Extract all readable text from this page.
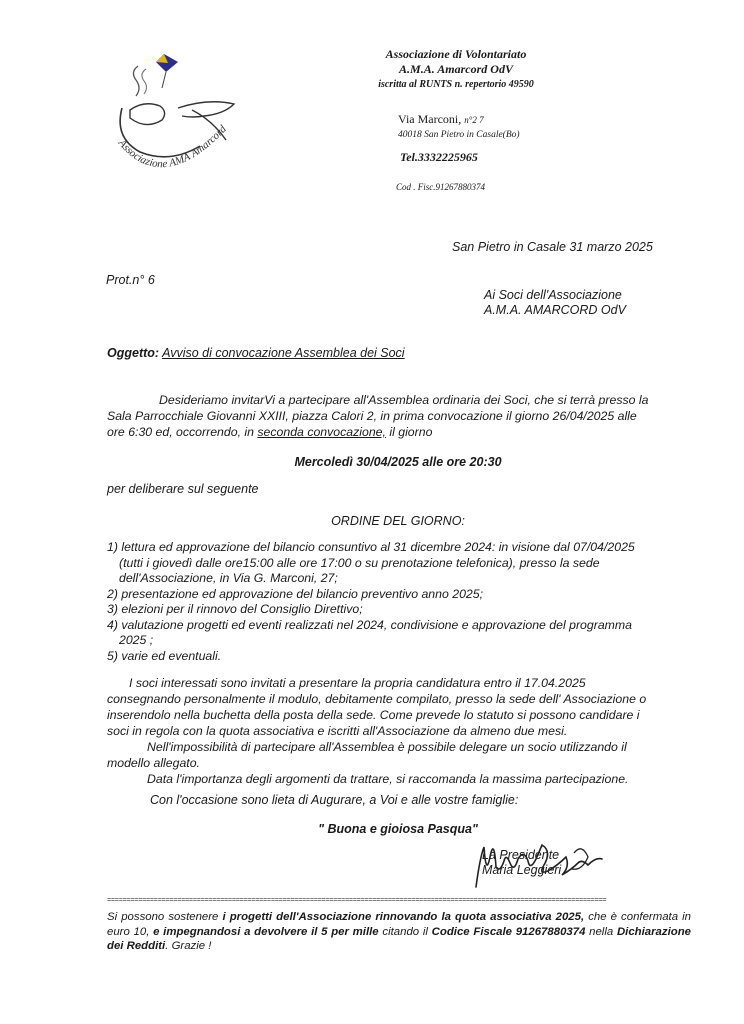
Associazione AMA Amarcord
Associazione di Volontariato
A.M.A. Amarcord OdV
iscritta al RUNTS n. repertorio 49590
Via Marconi, n°2 7
40018 San Pietro in Casale(Bo)
Tel.3332225965
Cod . Fisc.91267880374
San Pietro in Casale 31 marzo 2025
Prot.n° 6
Ai Soci dell'Associazione
A.M.A. AMARCORD OdV
Oggetto: Avviso di convocazione Assemblea dei Soci

Desideriamo invitarVi a partecipare all'Assemblea ordinaria dei Soci, che si terrà presso la

Sala Parrocchiale Giovanni XXIII, piazza Calori 2, in prima convocazione il giorno 26/04/2025 alle

ore 6:30 ed, occorrendo, in seconda convocazione, il giorno

Mercoledì 30/04/2025 alle ore 20:30
per deliberare sul seguente
ORDINE DEL GIORNO:

1) lettura ed approvazione del bilancio consuntivo al 31 dicembre 2024: in visione dal 07/04/2025

(tutti i giovedì dalle ore15:00 alle ore 17:00 o su prenotazione telefonica), presso la sede

dell'Associazione, in Via G. Marconi, 27;

2) presentazione ed approvazione del bilancio preventivo anno 2025;

3) elezioni per il rinnovo del Consiglio Direttivo;

4) valutazione progetti ed eventi realizzati nel 2024, condivisione e approvazione del programma

2025 ;

5) varie ed eventuali.

I soci interessati sono invitati a presentare la propria candidatura entro il 17.04.2025

consegnando personalmente il modulo, debitamente compilato, presso la sede dell' Associazione o

inserendolo nella buchetta della posta della sede. Come prevede lo statuto si possono candidare i

soci in regola con la quota associativa e iscritti all'Associazione da almeno due mesi.

Nell'impossibilità di partecipare all'Assemblea è possibile delegare un socio utilizzando il

modello allegato.

Data l'importanza degli argomenti da trattare, si raccomanda la massima partecipazione.

Con l'occasione sono lieta di Augurare, a Voi e alle vostre famiglie:
" Buona e gioiosa Pasqua"
La Presidente
Maria Leggieri
================================================================================================================================
Si possono sostenere i progetti dell'Associazione rinnovando la quota associativa 2025, che è confermata in euro 10, e impegnandosi a devolvere il 5 per mille citando il Codice Fiscale 91267880374 nella Dichiarazione dei Redditi. Grazie !
